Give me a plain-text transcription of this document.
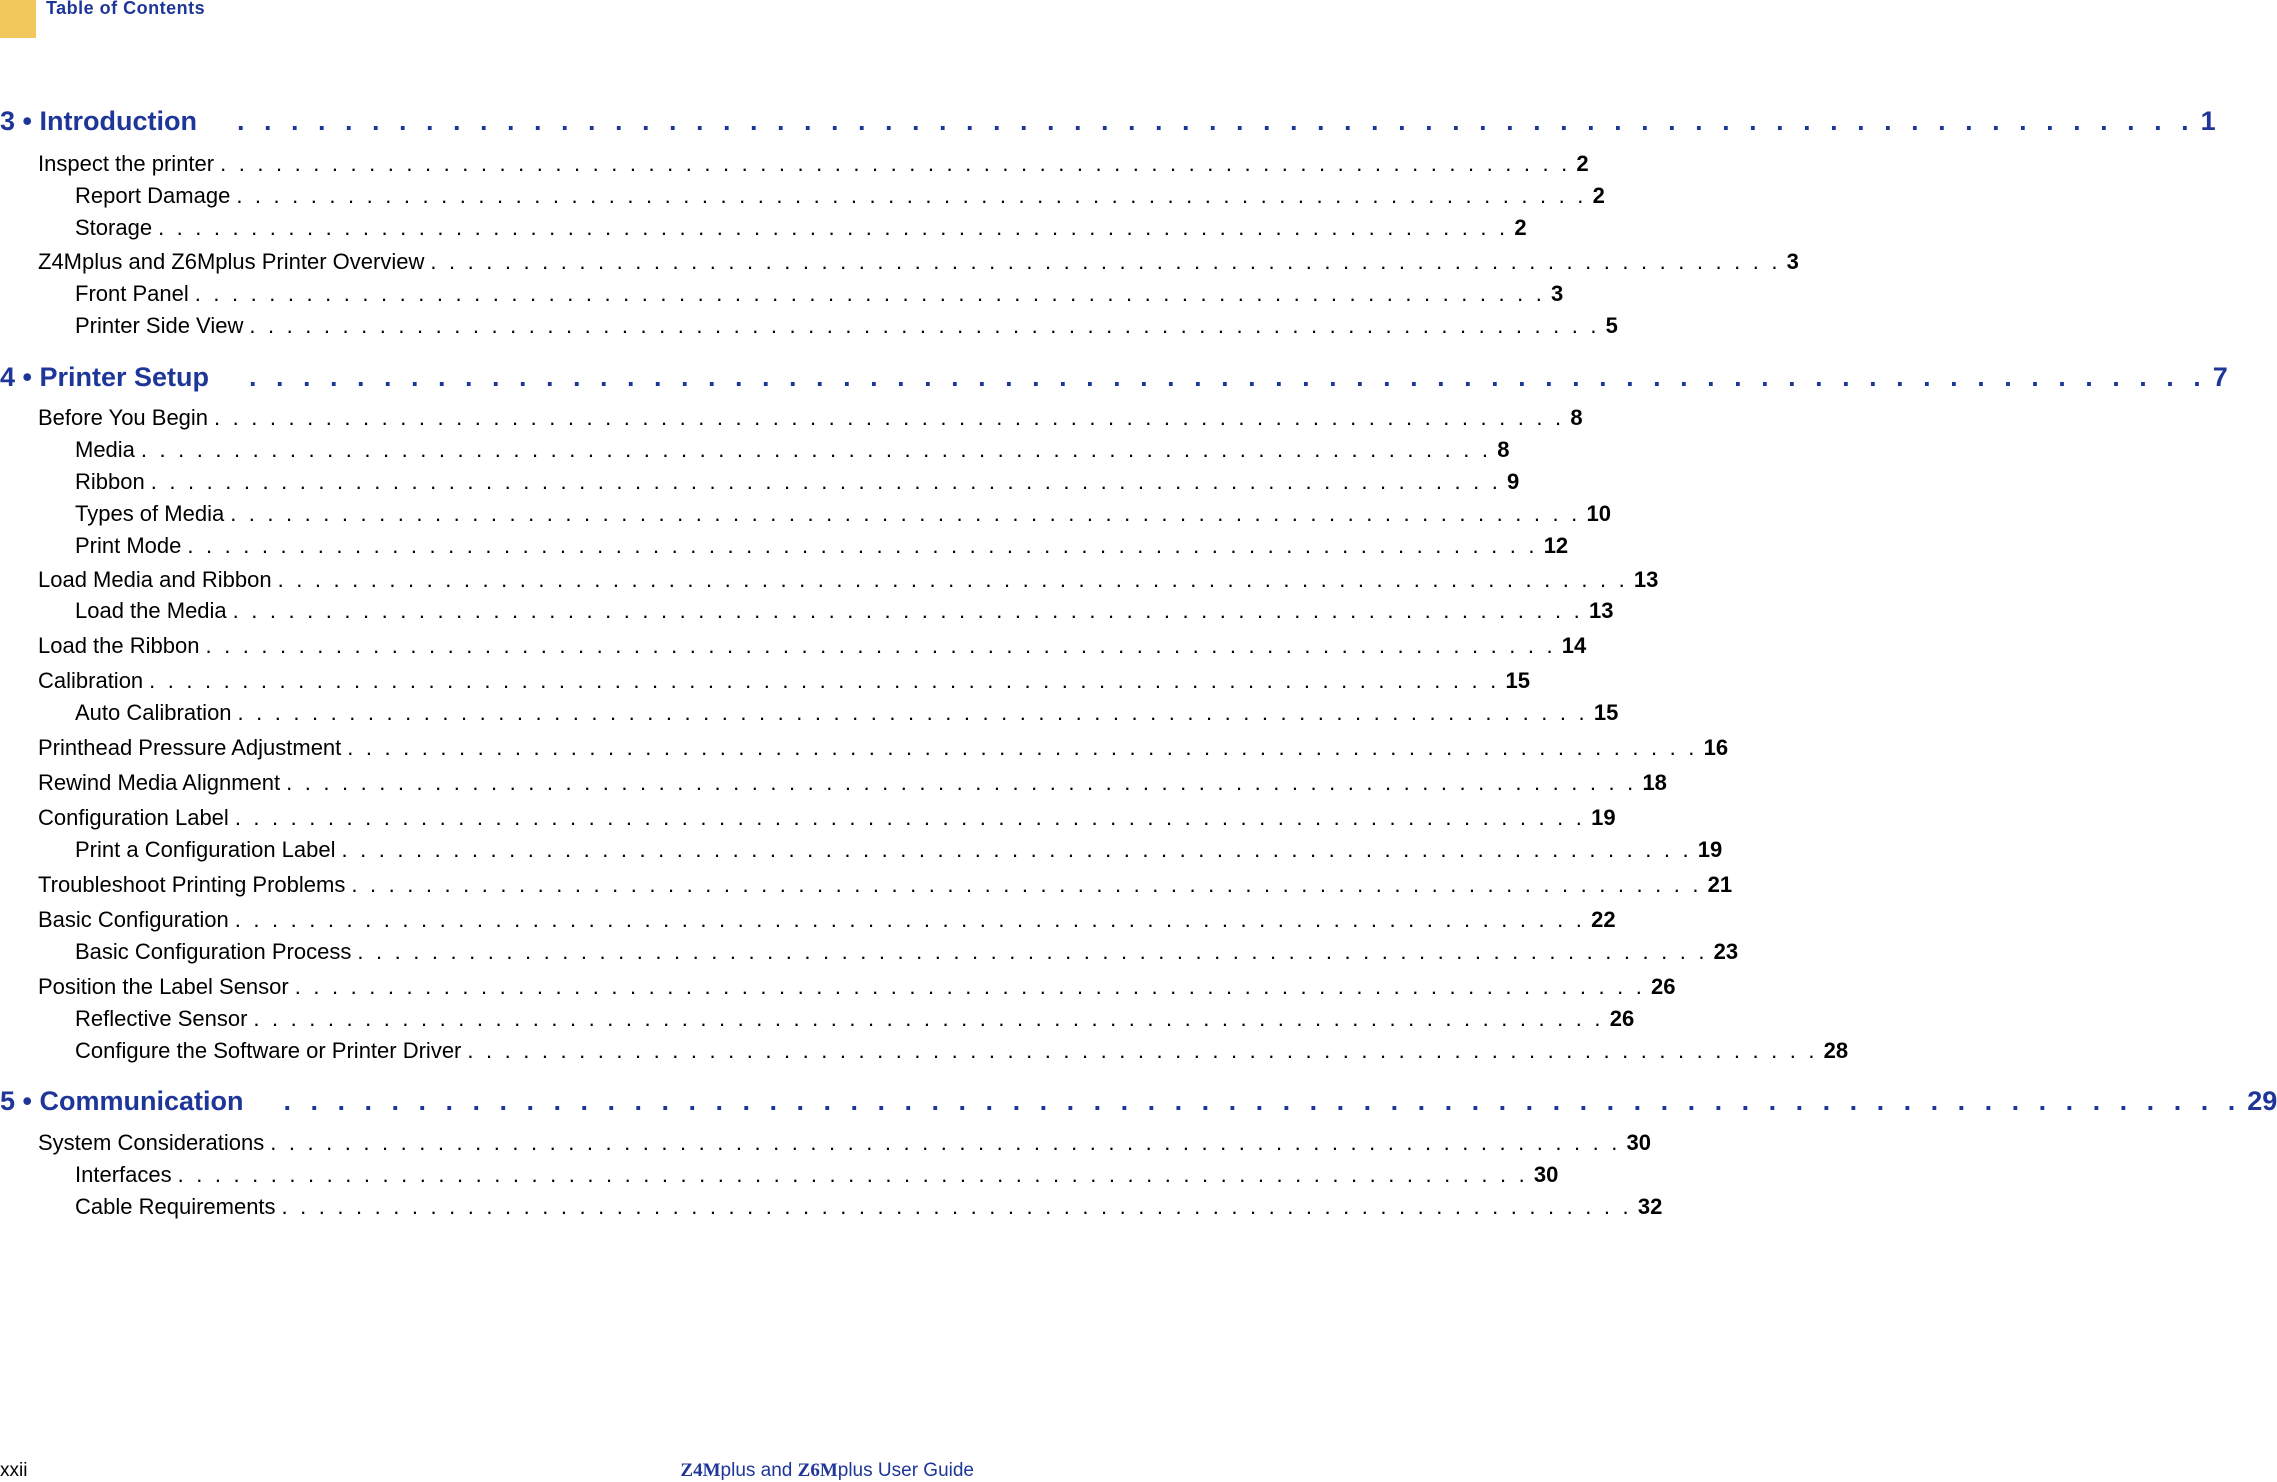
Table of Contents
3 • Introduction . . . . . . . . . . . . . . . . . . . . . . . . . . . . . . . . . . . . . . . . . . . . . . . . . . . . . . . . . . . . . . . . . . . . . . . . . 1
Inspect the printer . . . . . . . . . . . . . . . . . . . . . . . . . . . . . . . . . . . . . . . . . . . . . . . . . . . . . . . . . . . . . . . . . . . . . . . . . 2
Report Damage . . . . . . . . . . . . . . . . . . . . . . . . . . . . . . . . . . . . . . . . . . . . . . . . . . . . . . . . . . . . . . . . . . . . . . . . . 2
Storage . . . . . . . . . . . . . . . . . . . . . . . . . . . . . . . . . . . . . . . . . . . . . . . . . . . . . . . . . . . . . . . . . . . . . . . . . 2
Z4Mplus and Z6Mplus Printer Overview . . . . . . . . . . . . . . . . . . . . . . . . . . . . . . . . . . . . . . . . . . . . . . . . . . . . . . . . . . . . . . . . . . . . . . . . . 3
Front Panel . . . . . . . . . . . . . . . . . . . . . . . . . . . . . . . . . . . . . . . . . . . . . . . . . . . . . . . . . . . . . . . . . . . . . . . . . 3
Printer Side View . . . . . . . . . . . . . . . . . . . . . . . . . . . . . . . . . . . . . . . . . . . . . . . . . . . . . . . . . . . . . . . . . . . . . . . . . 5
4 • Printer Setup . . . . . . . . . . . . . . . . . . . . . . . . . . . . . . . . . . . . . . . . . . . . . . . . . . . . . . . . . . . . . . . . . . . . . . . . . 7
Before You Begin . . . . . . . . . . . . . . . . . . . . . . . . . . . . . . . . . . . . . . . . . . . . . . . . . . . . . . . . . . . . . . . . . . . . . . . . . 8
Media . . . . . . . . . . . . . . . . . . . . . . . . . . . . . . . . . . . . . . . . . . . . . . . . . . . . . . . . . . . . . . . . . . . . . . . . . 8
Ribbon . . . . . . . . . . . . . . . . . . . . . . . . . . . . . . . . . . . . . . . . . . . . . . . . . . . . . . . . . . . . . . . . . . . . . . . . . 9
Types of Media . . . . . . . . . . . . . . . . . . . . . . . . . . . . . . . . . . . . . . . . . . . . . . . . . . . . . . . . . . . . . . . . . . . . . . . . . 10
Print Mode . . . . . . . . . . . . . . . . . . . . . . . . . . . . . . . . . . . . . . . . . . . . . . . . . . . . . . . . . . . . . . . . . . . . . . . . . 12
Load Media and Ribbon . . . . . . . . . . . . . . . . . . . . . . . . . . . . . . . . . . . . . . . . . . . . . . . . . . . . . . . . . . . . . . . . . . . . . . . . . 13
Load the Media . . . . . . . . . . . . . . . . . . . . . . . . . . . . . . . . . . . . . . . . . . . . . . . . . . . . . . . . . . . . . . . . . . . . . . . . . 13
Load the Ribbon . . . . . . . . . . . . . . . . . . . . . . . . . . . . . . . . . . . . . . . . . . . . . . . . . . . . . . . . . . . . . . . . . . . . . . . . . 14
Calibration . . . . . . . . . . . . . . . . . . . . . . . . . . . . . . . . . . . . . . . . . . . . . . . . . . . . . . . . . . . . . . . . . . . . . . . . . 15
Auto Calibration . . . . . . . . . . . . . . . . . . . . . . . . . . . . . . . . . . . . . . . . . . . . . . . . . . . . . . . . . . . . . . . . . . . . . . . . . 15
Printhead Pressure Adjustment . . . . . . . . . . . . . . . . . . . . . . . . . . . . . . . . . . . . . . . . . . . . . . . . . . . . . . . . . . . . . . . . . . . . . . . . . 16
Rewind Media Alignment . . . . . . . . . . . . . . . . . . . . . . . . . . . . . . . . . . . . . . . . . . . . . . . . . . . . . . . . . . . . . . . . . . . . . . . . . 18
Configuration Label . . . . . . . . . . . . . . . . . . . . . . . . . . . . . . . . . . . . . . . . . . . . . . . . . . . . . . . . . . . . . . . . . . . . . . . . . 19
Print a Configuration Label . . . . . . . . . . . . . . . . . . . . . . . . . . . . . . . . . . . . . . . . . . . . . . . . . . . . . . . . . . . . . . . . . . . . . . . . . 19
Troubleshoot Printing Problems . . . . . . . . . . . . . . . . . . . . . . . . . . . . . . . . . . . . . . . . . . . . . . . . . . . . . . . . . . . . . . . . . . . . . . . . . 21
Basic Configuration . . . . . . . . . . . . . . . . . . . . . . . . . . . . . . . . . . . . . . . . . . . . . . . . . . . . . . . . . . . . . . . . . . . . . . . . . 22
Basic Configuration Process . . . . . . . . . . . . . . . . . . . . . . . . . . . . . . . . . . . . . . . . . . . . . . . . . . . . . . . . . . . . . . . . . . . . . . . . . 23
Position the Label Sensor . . . . . . . . . . . . . . . . . . . . . . . . . . . . . . . . . . . . . . . . . . . . . . . . . . . . . . . . . . . . . . . . . . . . . . . . . 26
Reflective Sensor . . . . . . . . . . . . . . . . . . . . . . . . . . . . . . . . . . . . . . . . . . . . . . . . . . . . . . . . . . . . . . . . . . . . . . . . . 26
Configure the Software or Printer Driver . . . . . . . . . . . . . . . . . . . . . . . . . . . . . . . . . . . . . . . . . . . . . . . . . . . . . . . . . . . . . . . . . . . . . . . . . 28
5 • Communication . . . . . . . . . . . . . . . . . . . . . . . . . . . . . . . . . . . . . . . . . . . . . . . . . . . . . . . . . . . . . . . . . . . . . . . . . 29
System Considerations . . . . . . . . . . . . . . . . . . . . . . . . . . . . . . . . . . . . . . . . . . . . . . . . . . . . . . . . . . . . . . . . . . . . . . . . . 30
Interfaces . . . . . . . . . . . . . . . . . . . . . . . . . . . . . . . . . . . . . . . . . . . . . . . . . . . . . . . . . . . . . . . . . . . . . . . . . 30
Cable Requirements . . . . . . . . . . . . . . . . . . . . . . . . . . . . . . . . . . . . . . . . . . . . . . . . . . . . . . . . . . . . . . . . . . . . . . . . . 32
xxii	Z4Mplus and Z6Mplus User Guide
